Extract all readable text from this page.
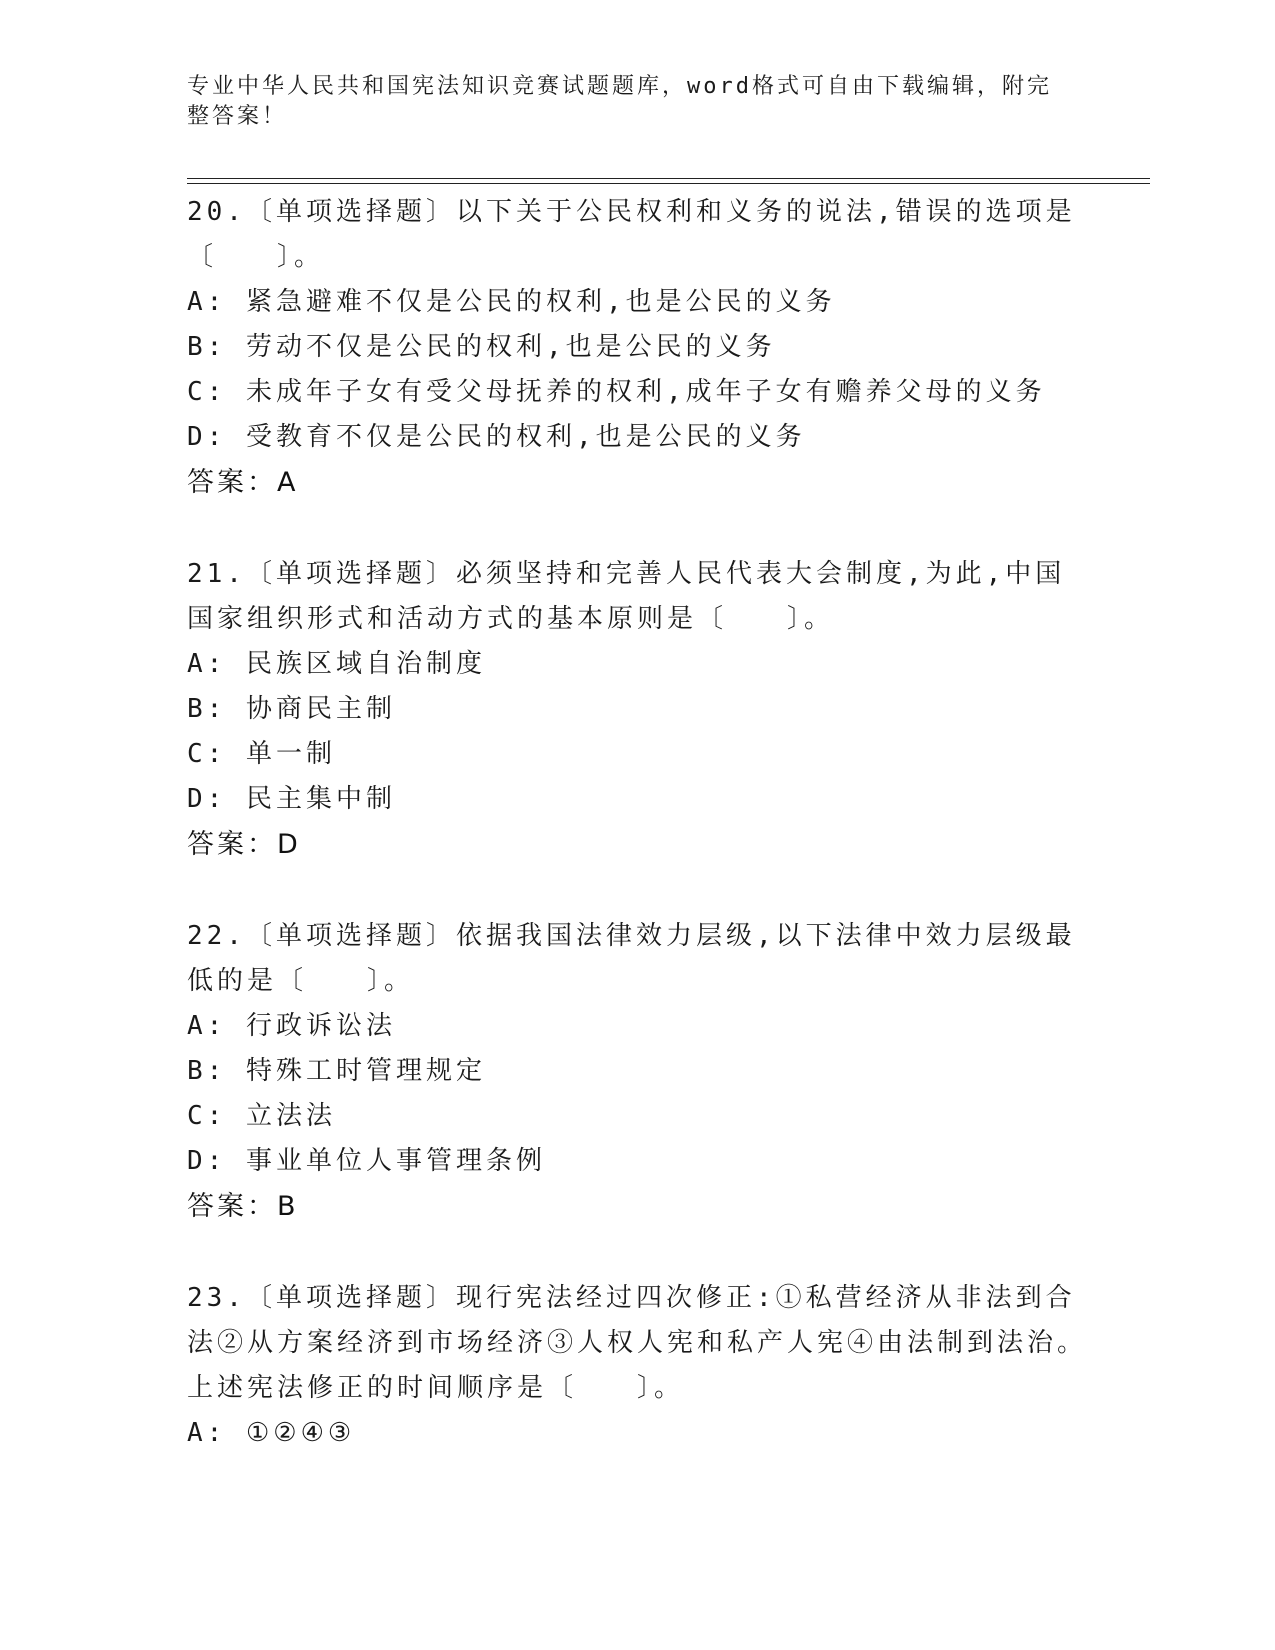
专业中华人民共和国宪法知识竞赛试题题库，word格式可自由下载编辑，附完整答案！

20.〔单项选择题〕以下关于公民权利和义务的说法,错误的选项是〔　　〕。

A: 紧急避难不仅是公民的权利,也是公民的义务

B: 劳动不仅是公民的权利,也是公民的义务

C: 未成年子女有受父母抚养的权利,成年子女有赡养父母的义务

D: 受教育不仅是公民的权利,也是公民的义务

答案：A

21.〔单项选择题〕必须坚持和完善人民代表大会制度,为此,中国国家组织形式和活动方式的基本原则是〔　　〕。

A: 民族区域自治制度

B: 协商民主制

C: 单一制

D: 民主集中制

答案：D

22.〔单项选择题〕依据我国法律效力层级,以下法律中效力层级最低的是〔　　〕。

A: 行政诉讼法

B: 特殊工时管理规定

C: 立法法

D: 事业单位人事管理条例

答案：B

23.〔单项选择题〕现行宪法经过四次修正:①私营经济从非法到合法②从方案经济到市场经济③人权人宪和私产人宪④由法制到法治。上述宪法修正的时间顺序是〔　　〕。

A: ①②④③
